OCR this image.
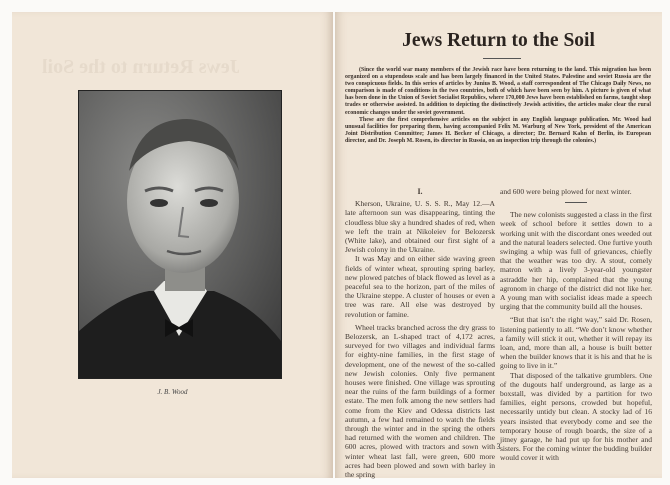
Jews Return to the Soil
J. B. Wood
Jews Return to the Soil

(Since the world war many members of the Jewish race have been returning to the land. This migration has been organized on a stupendous scale and has been largely financed in the United States. Palestine and soviet Russia are the two conspicuous fields. In this series of articles by Junius B. Wood, a staff correspondent of The Chicago Daily News, no comparison is made of conditions in the two countries, both of which have been seen by him. A picture is given of what has been done in the Union of Soviet Socialist Republics, where 170,000 Jews have been established on farms, taught shop trades or otherwise assisted. In addition to depicting the distinctively Jewish activities, the articles make clear the rural economic changes under the soviet government.

These are the first comprehensive articles on the subject in any English language publication. Mr. Wood had unusual facilities for preparing them, having accompanied Felix M. Warburg of New York, president of the American Joint Distribution Committee; James H. Becker of Chicago, a director; Dr. Bernard Kahn of Berlin, its European director, and Dr. Joseph M. Rosen, its director in Russia, on an inspection trip through the colonies.)

I.

Kherson, Ukraine, U. S. S. R., May 12.—A late afternoon sun was disappearing, tinting the cloudless blue sky a hundred shades of red, when we left the train at Nikoleiev for Belozersk (White lake), and obtained our first sight of a Jewish colony in the Ukraine.

It was May and on either side waving green fields of winter wheat, sprouting spring barley, new plowed patches of black flowed as level as a peaceful sea to the horizon, part of the miles of the Ukraine steppe. A cluster of houses or even a tree was rare. All else was destroyed by revolution or famine.

Wheel tracks branched across the dry grass to Belozersk, an L-shaped tract of 4,172 acres, surveyed for two villages and individual farms for eighty-nine families, in the first stage of development, one of the newest of the so-called new Jewish colonies. Only five permanent houses were finished. One village was sprouting near the ruins of the farm buildings of a former estate. The men folk among the new settlers had come from the Kiev and Odessa districts last autumn, a few had remained to watch the fields through the winter and in the spring the others had returned with the women and children. The 600 acres, plowed with tractors and sown with winter wheat last fall, were green, 600 more acres had been plowed and sown with barley in the spring

and 600 were being plowed for next winter.

The new colonists suggested a class in the first week of school before it settles down to a working unit with the discordant ones weeded out and the natural leaders selected. One furtive youth swinging a whip was full of grievances, chiefly that the weather was too dry. A stout, comely matron with a lively 3-year-old youngster astraddle her hip, complained that the young agronom in charge of the district did not like her. A young man with socialist ideas made a speech urging that the community build all the houses.

“But that isn’t the right way,” said Dr. Rosen, listening patiently to all. “We don’t know whether a family will stick it out, whether it will repay its loan, and, more than all, a house is built better when the builder knows that it is his and that he is going to live in it.”

That disposed of the talkative grumblers. One of the dugouts half underground, as large as a boxstall, was divided by a partition for two families, eight persons, crowded but hopeful, necessarily untidy but clean. A stocky lad of 16 years insisted that everybody come and see the temporary house of rough boards, the size of a jitney garage, he had put up for his mother and sisters. For the coming winter the budding builder would cover it with

3
